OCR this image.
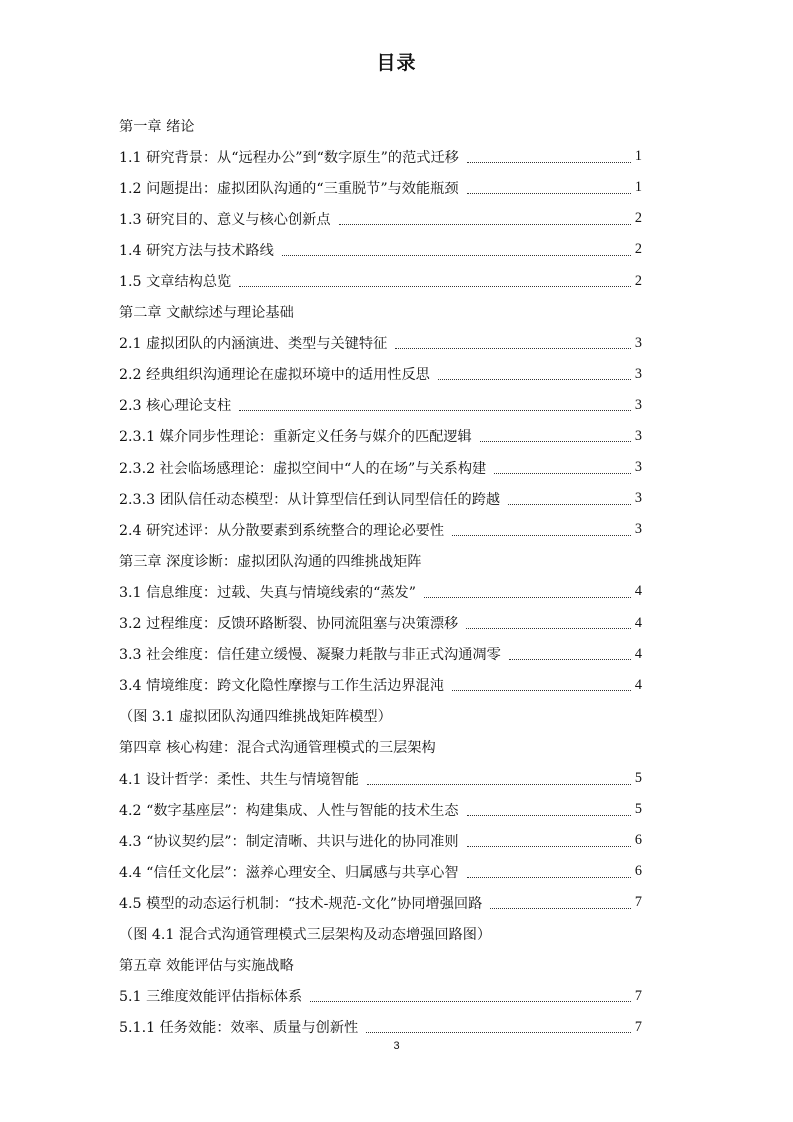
目录
第一章 绪论
1.1 研究背景：从“远程办公”到“数字原生”的范式迁移	1
1.2 问题提出：虚拟团队沟通的“三重脱节”与效能瓶颈	1
1.3 研究目的、意义与核心创新点	2
1.4 研究方法与技术路线	2
1.5 文章结构总览	2
第二章 文献综述与理论基础
2.1 虚拟团队的内涵演进、类型与关键特征	3
2.2 经典组织沟通理论在虚拟环境中的适用性反思	3
2.3 核心理论支柱	3
2.3.1 媒介同步性理论：重新定义任务与媒介的匹配逻辑	3
2.3.2 社会临场感理论：虚拟空间中“人的在场”与关系构建	3
2.3.3 团队信任动态模型：从计算型信任到认同型信任的跨越	3
2.4 研究述评：从分散要素到系统整合的理论必要性	3
第三章 深度诊断：虚拟团队沟通的四维挑战矩阵
3.1 信息维度：过载、失真与情境线索的“蒸发”	4
3.2 过程维度：反馈环路断裂、协同流阻塞与决策漂移	4
3.3 社会维度：信任建立缓慢、凝聚力耗散与非正式沟通凋零	4
3.4 情境维度：跨文化隐性摩擦与工作生活边界混沌	4
（图 3.1 虚拟团队沟通四维挑战矩阵模型）
第四章 核心构建：混合式沟通管理模式的三层架构
4.1 设计哲学：柔性、共生与情境智能	5
4.2 “数字基座层”：构建集成、人性与智能的技术生态	5
4.3 “协议契约层”：制定清晰、共识与进化的协同准则	6
4.4 “信任文化层”：滋养心理安全、归属感与共享心智	6
4.5 模型的动态运行机制：“技术-规范-文化”协同增强回路	7
（图 4.1 混合式沟通管理模式三层架构及动态增强回路图）
第五章 效能评估与实施战略
5.1 三维度效能评估指标体系	7
5.1.1 任务效能：效率、质量与创新性	7
3
